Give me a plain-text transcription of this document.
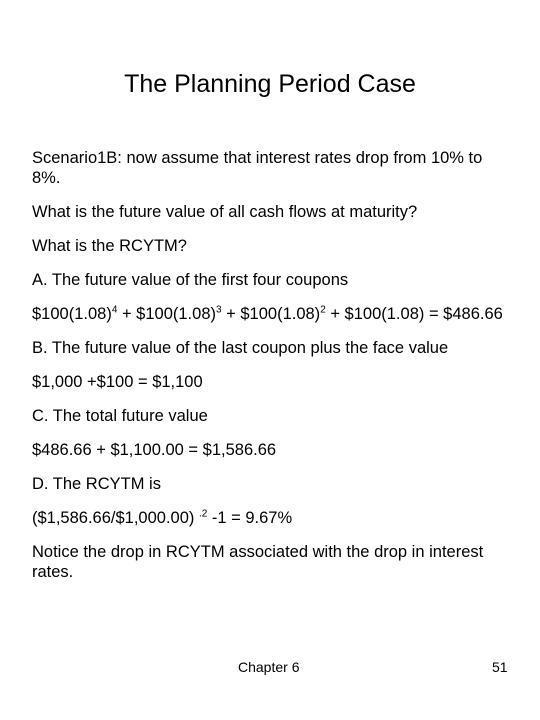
The Planning Period Case
Scenario1B: now assume that interest rates drop from 10% to 8%.
What is the future value of all cash flows at maturity?
What is the RCYTM?
A. The future value of the first four coupons
$\$100(1.08)^4$ + $\$100(1.08)^3$ + $\$100(1.08)^2$ + $100(1.08) = $486.66
B. The future value of the last coupon plus the face value
$1,000 +$100 = $1,100
C. The total future value
$486.66 + $1,100.00 = $1,586.66
D. The RCYTM is
($1,586.66/$1,000.00) $^{.2}$ -1 = 9.67%
Notice the drop in RCYTM associated with the drop in interest rates.
Chapter 6	51
